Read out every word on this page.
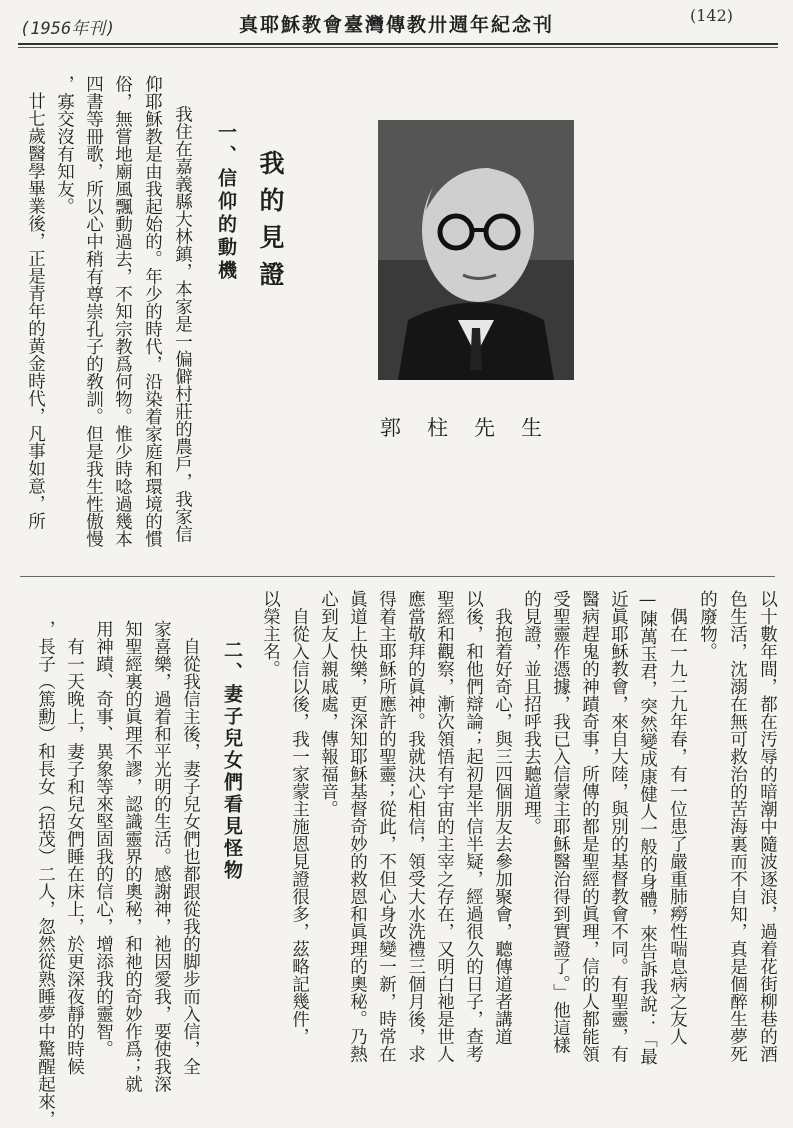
(1956年刊)	真耶穌教會臺灣傳教卅週年紀念刊	(142)
我的見證
一、信仰的動機
我住在嘉義縣大林鎮，本家是一偏僻村莊的農戶，我家信
仰耶穌教是由我起始的。年少的時代，沿染着家庭和環境的慣
俗，無嘗地廟風飄動過去，不知宗教爲何物。惟少時唸過幾本
四書等冊歌，所以心中稍有尊崇孔子的敎訓。但是我生性傲慢
，寡交沒有知友。
廿七歲醫學畢業後，正是青年的黄金時代，凡事如意，所	郭柱先生
以十數年間，都在汚辱的暗潮中隨波逐浪，過着花街柳巷的酒
色生活，沈溺在無可救治的苦海裏而不自知，真是個醉生夢死
的廢物。
　偶在一九二九年春，有一位患了嚴重肺癆性喘息病之友人
—陳萬玉君，突然變成康健人一般的身體，來告訴我說：「最
近眞耶穌教會，來自大陸，與別的基督教會不同。有聖靈，有
醫病趕鬼的神蹟奇事，所傳的都是聖經的眞理，信的人都能領
受聖靈作憑據，我已入信蒙主耶穌醫治得到實證了。」他這樣
的見證，並且招呼我去聽道理。
　我抱着好奇心，與三四個朋友去參加聚會，聽傳道者講道
以後，和他們辯論；起初是半信半疑，經過很久的日子，查考
聖經和觀察，漸次領悟有宇宙的主宰之存在，又明白祂是世人
應當敬拜的眞神。我就決心相信，領受大水洗禮三個月後，求
得着主耶穌所應許的聖靈；從此，不但心身改變一新，時常在
眞道上快樂，更深知耶穌基督奇妙的救恩和眞理的奧秘。乃熱
心到友人親戚處，傳報福音。
　自從入信以後，我一家蒙主施恩見證很多，茲略記幾件，
以榮主名。
二、妻子兒女們看見怪物
　自從我信主後，妻子兒女們也都跟從我的脚步而入信，全
家喜樂，過着和平光明的生活。感謝神，祂因愛我，要使我深
知聖經裏的眞理不謬，認識靈界的奧秘，和祂的奇妙作爲；就
用神蹟、奇事、異象等來堅固我的信心，增添我的靈智。
　有一天晚上，妻子和兒女們睡在床上，於更深夜靜的時候
，長子（篤勳）和長女（招茂）二人，忽然從熟睡夢中驚醒起來，
